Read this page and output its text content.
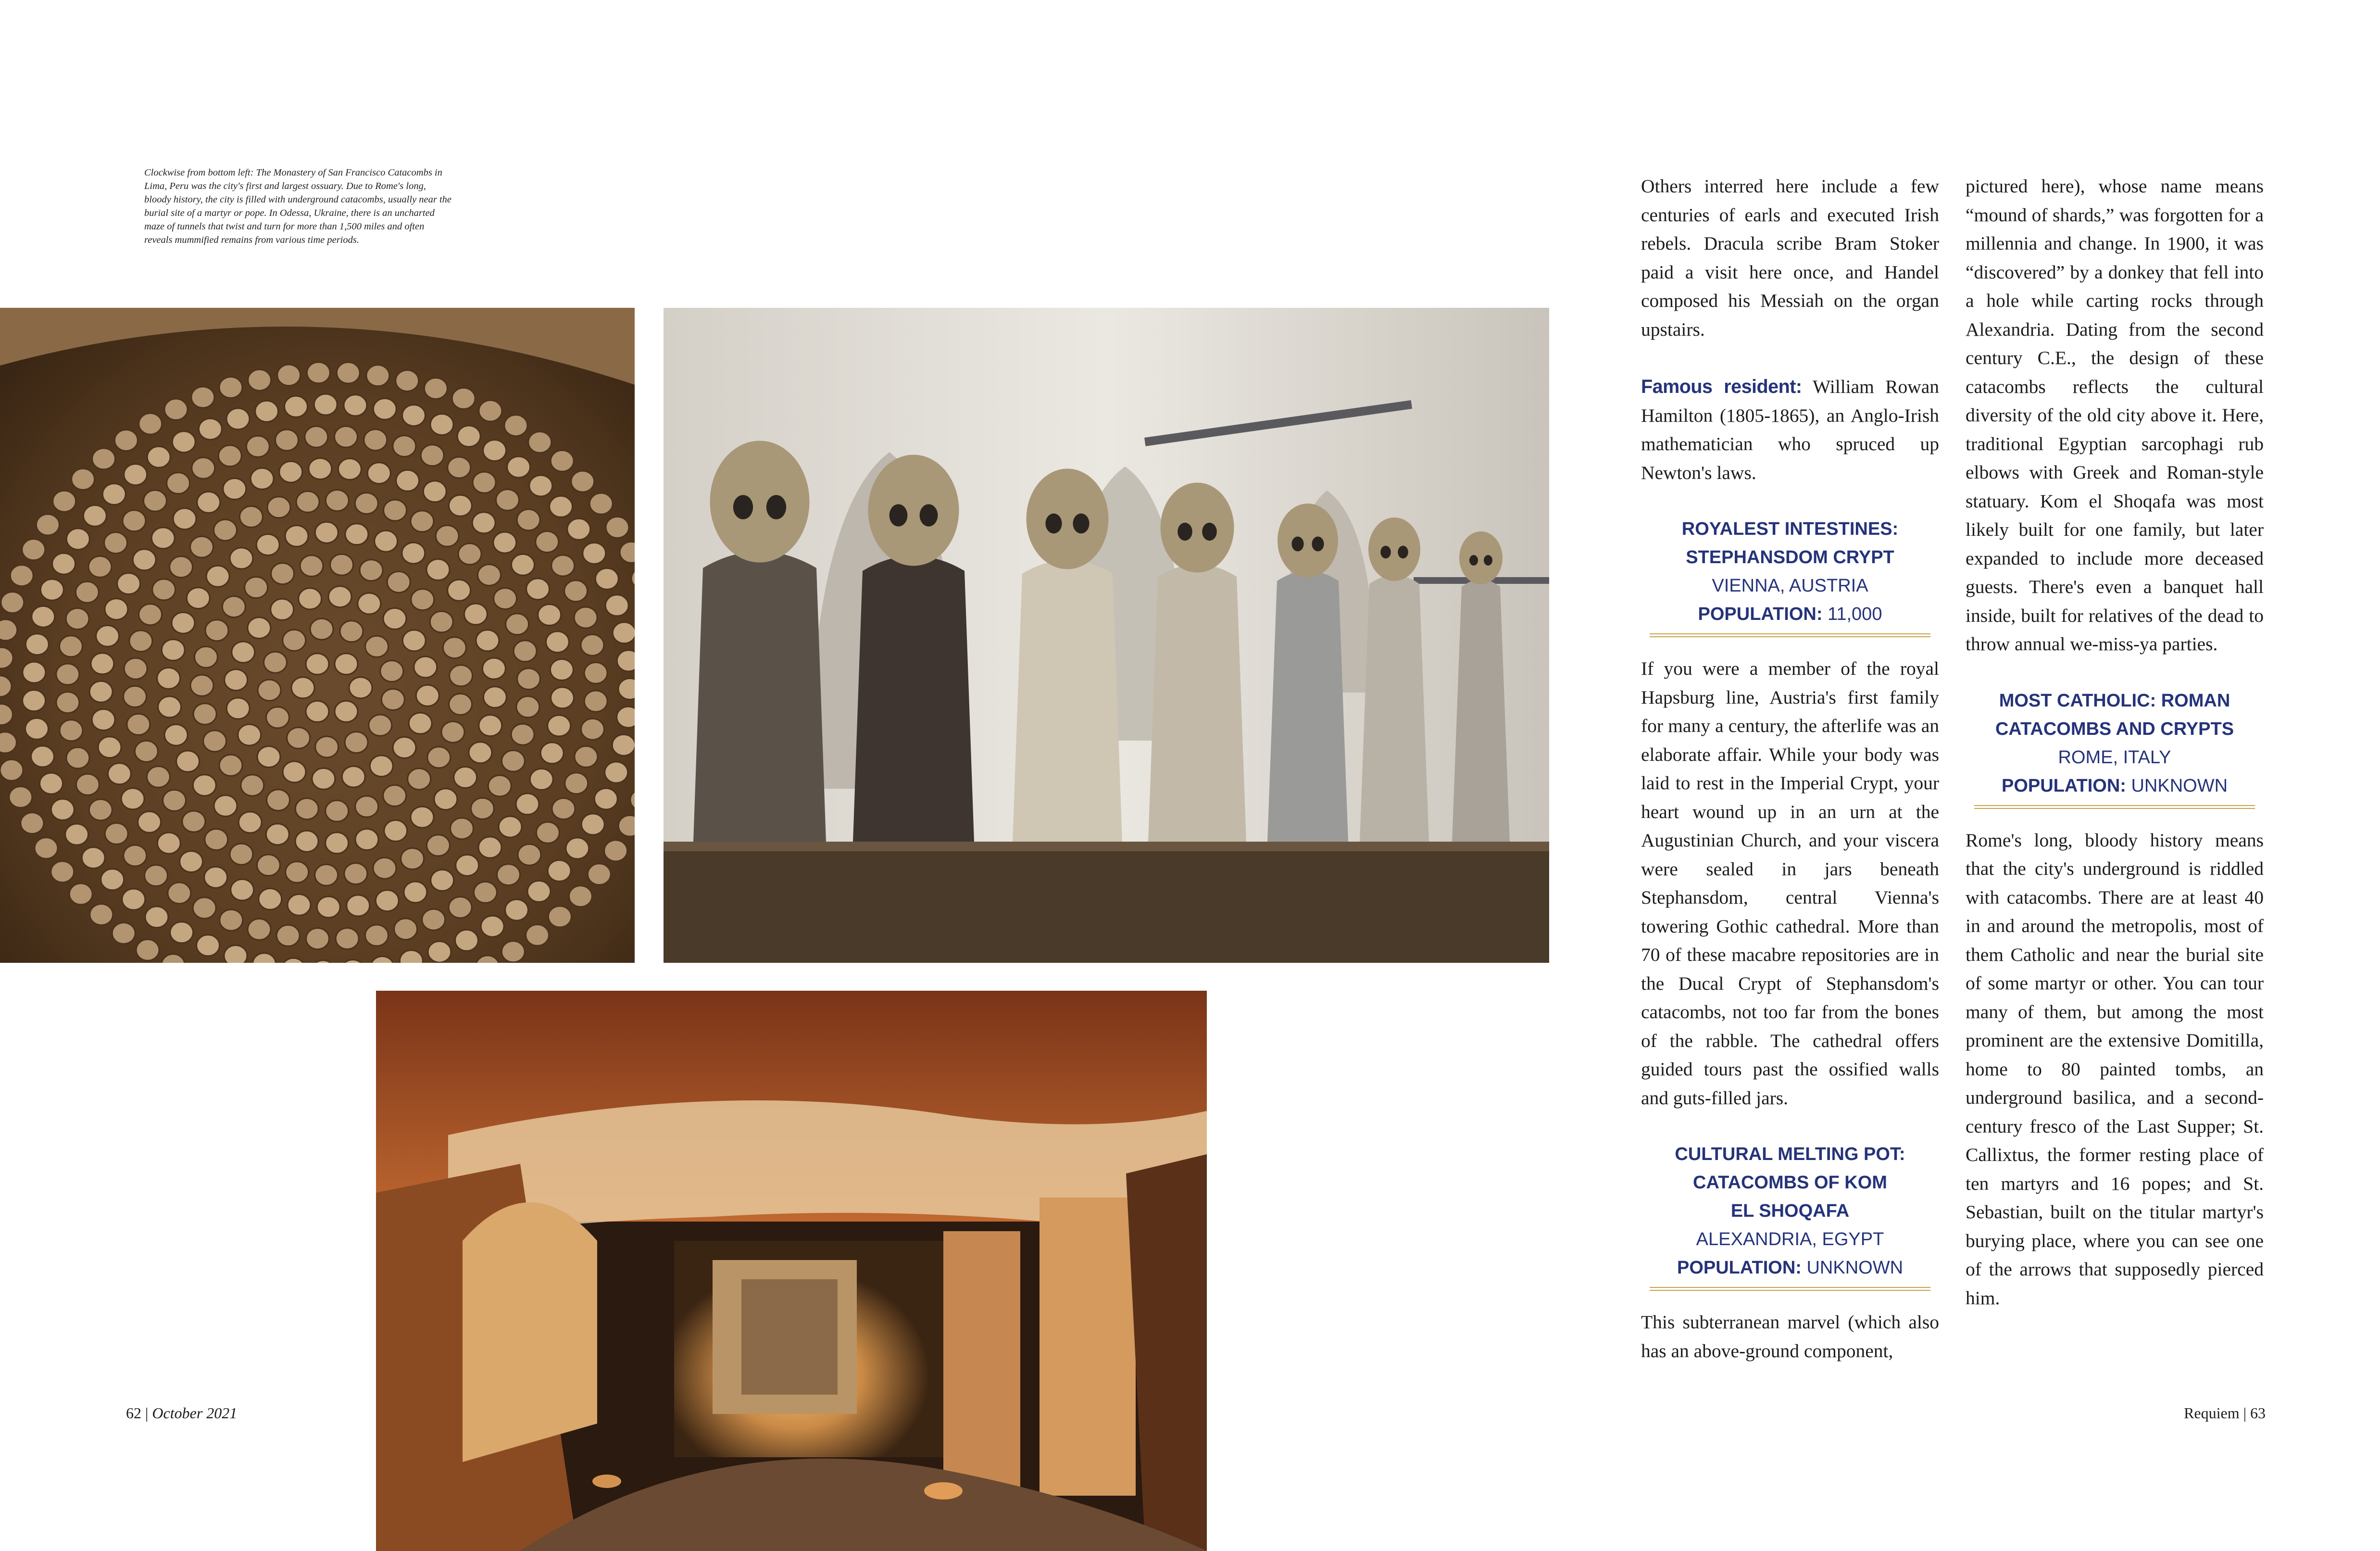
Clockwise from bottom left: The Monastery of San Francisco Catacombs in Lima, Peru was the city's first and largest ossuary. Due to Rome's long, bloody history, the city is filled with underground catacombs, usually near the burial site of a martyr or pope. In Odessa, Ukraine, there is an uncharted maze of tunnels that twist and turn for more than 1,500 miles and often reveals mummified remains from various time periods.
62 | October 2021	Requiem | 63

Others interred here include a few centuries of earls and executed Irish rebels. Dracula scribe Bram Stoker paid a visit here once, and Handel composed his Messiah on the organ upstairs.

Famous resident: William Rowan Hamilton (1805-1865), an Anglo-Irish mathematician who spruced up Newton's laws.

ROYALEST INTESTINES:
STEPHANSDOM CRYPT
VIENNA, AUSTRIA
POPULATION: 11,000

If you were a member of the royal Hapsburg line, Austria's first family for many a century, the afterlife was an elaborate affair. While your body was laid to rest in the Imperial Crypt, your heart wound up in an urn at the Augustinian Church, and your viscera were sealed in jars beneath Stephansdom, central Vienna's towering Gothic cathedral. More than 70 of these macabre repositories are in the Ducal Crypt of Stephansdom's catacombs, not too far from the bones of the rabble. The cathedral offers guided tours past the ossified walls and guts-filled jars.

CULTURAL MELTING POT:
CATACOMBS OF KOM
EL SHOQAFA
ALEXANDRIA, EGYPT
POPULATION: UNKNOWN

This subterranean marvel (which also has an above-ground component,

pictured here), whose name means “mound of shards,” was forgotten for a millennia and change. In 1900, it was “discovered” by a donkey that fell into a hole while carting rocks through Alexandria. Dating from the second century C.E., the design of these catacombs reflects the cultural diversity of the old city above it. Here, traditional Egyptian sarcophagi rub elbows with Greek and Roman-style statuary. Kom el Shoqafa was most likely built for one family, but later expanded to include more deceased guests. There's even a banquet hall inside, built for relatives of the dead to throw annual we-miss-ya parties.

MOST CATHOLIC: ROMAN
CATACOMBS AND CRYPTS
ROME, ITALY
POPULATION: UNKNOWN

Rome's long, bloody history means that the city's underground is riddled with catacombs. There are at least 40 in and around the metropolis, most of them Catholic and near the burial site of some martyr or other. You can tour many of them, but among the most prominent are the extensive Domitilla, home to 80 painted tombs, an underground basilica, and a second-century fresco of the Last Supper; St. Callixtus, the former resting place of ten martyrs and 16 popes; and St. Sebastian, built on the titular martyr's burying place, where you can see one of the arrows that supposedly pierced him.
